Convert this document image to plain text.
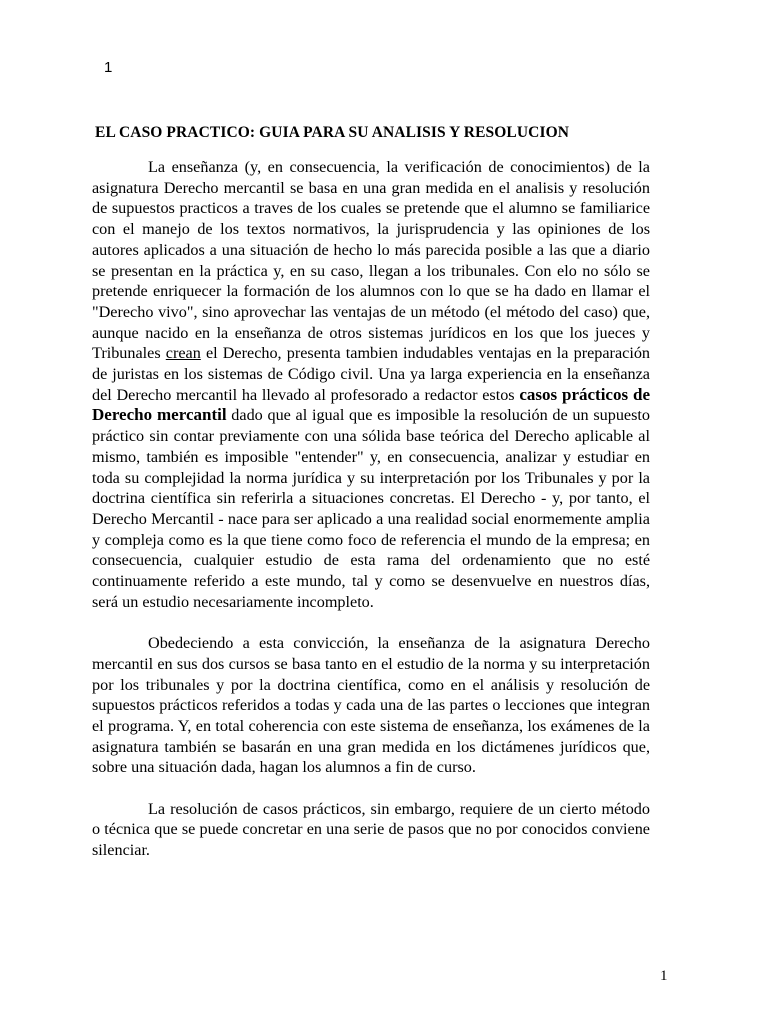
1
EL CASO PRACTICO: GUIA PARA SU ANALISIS Y RESOLUCION

La enseñanza (y, en consecuencia, la verificación de conocimientos) de la asignatura Derecho mercantil se basa en una gran medida en el analisis y resolución de supuestos practicos a traves de los cuales se pretende que el alumno se familiarice con el manejo de los textos normativos, la jurisprudencia y las opiniones de los autores aplicados a una situación de hecho lo más parecida posible a las que a diario se presentan en la práctica y, en su caso, llegan a los tribunales. Con elo no sólo se pretende enriquecer la formación de los alumnos con lo que se ha dado en llamar el "Derecho vivo", sino aprovechar las ventajas de un método (el método del caso) que, aunque nacido en la enseñanza de otros sistemas jurídicos en los que los jueces y Tribunales crean el Derecho, presenta tambien indudables ventajas en la preparación de juristas en los sistemas de Código civil. Una ya larga experiencia en la enseñanza del Derecho mercantil ha llevado al profesorado a redactor estos casos prácticos de Derecho mercantil dado que al igual que es imposible la resolución de un supuesto práctico sin contar previamente con una sólida base teórica del Derecho aplicable al mismo, también es imposible "entender" y, en consecuencia, analizar y estudiar en toda su complejidad la norma jurídica y su interpretación por los Tribunales y por la doctrina científica sin referirla a situaciones concretas. El Derecho - y, por tanto, el Derecho Mercantil - nace para ser aplicado a una realidad social enormemente amplia y compleja como es la que tiene como foco de referencia el mundo de la empresa; en consecuencia, cualquier estudio de esta rama del ordenamiento que no esté continuamente referido a este mundo, tal y como se desenvuelve en nuestros días, será un estudio necesariamente incompleto.

Obedeciendo a esta convicción, la enseñanza de la asignatura Derecho mercantil en sus dos cursos se basa tanto en el estudio de la norma y su interpretación por los tribunales y por la doctrina científica, como en el análisis y resolución de supuestos prácticos referidos a todas y cada una de las partes o lecciones que integran el programa. Y, en total coherencia con este sistema de enseñanza, los exámenes de la asignatura también se basarán en una gran medida en los dictámenes jurídicos que, sobre una situación dada, hagan los alumnos a fin de curso.

La resolución de casos prácticos, sin embargo, requiere de un cierto método o técnica que se puede concretar en una serie de pasos que no por conocidos conviene silenciar.

1
